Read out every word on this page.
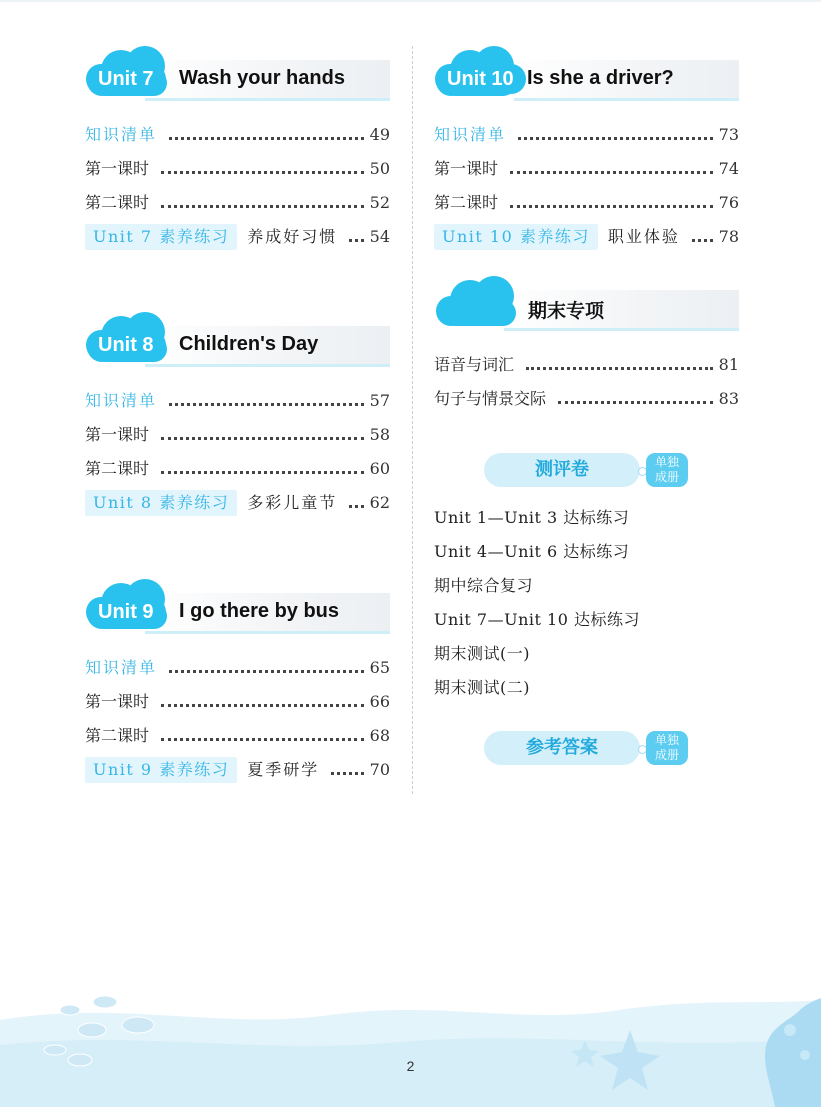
Unit 7	Wash your hands
知识清单	49
第一课时	50
第二课时	52
Unit 7 素养练习	养成好习惯 54
Unit 8	Children's Day
知识清单	57
第一课时	58
第二课时	60
Unit 8 素养练习	多彩儿童节 62
Unit 9	I go there by bus
知识清单	65
第一课时	66
第二课时	68
Unit 9 素养练习	夏季研学	70
Unit 10 Is she a driver?
知识清单	73
第一课时	74
第二课时	76
Unit 10 素养练习	职业体验 78
期末专项
语音与词汇	81
句子与情景交际	83
测评卷	单独
成册
Unit 1—Unit 3 达标练习
Unit 4—Unit 6 达标练习
期中综合复习
Unit 7—Unit 10 达标练习
期末测试(一)
期末测试(二)
参考答案	单独
成册
2
